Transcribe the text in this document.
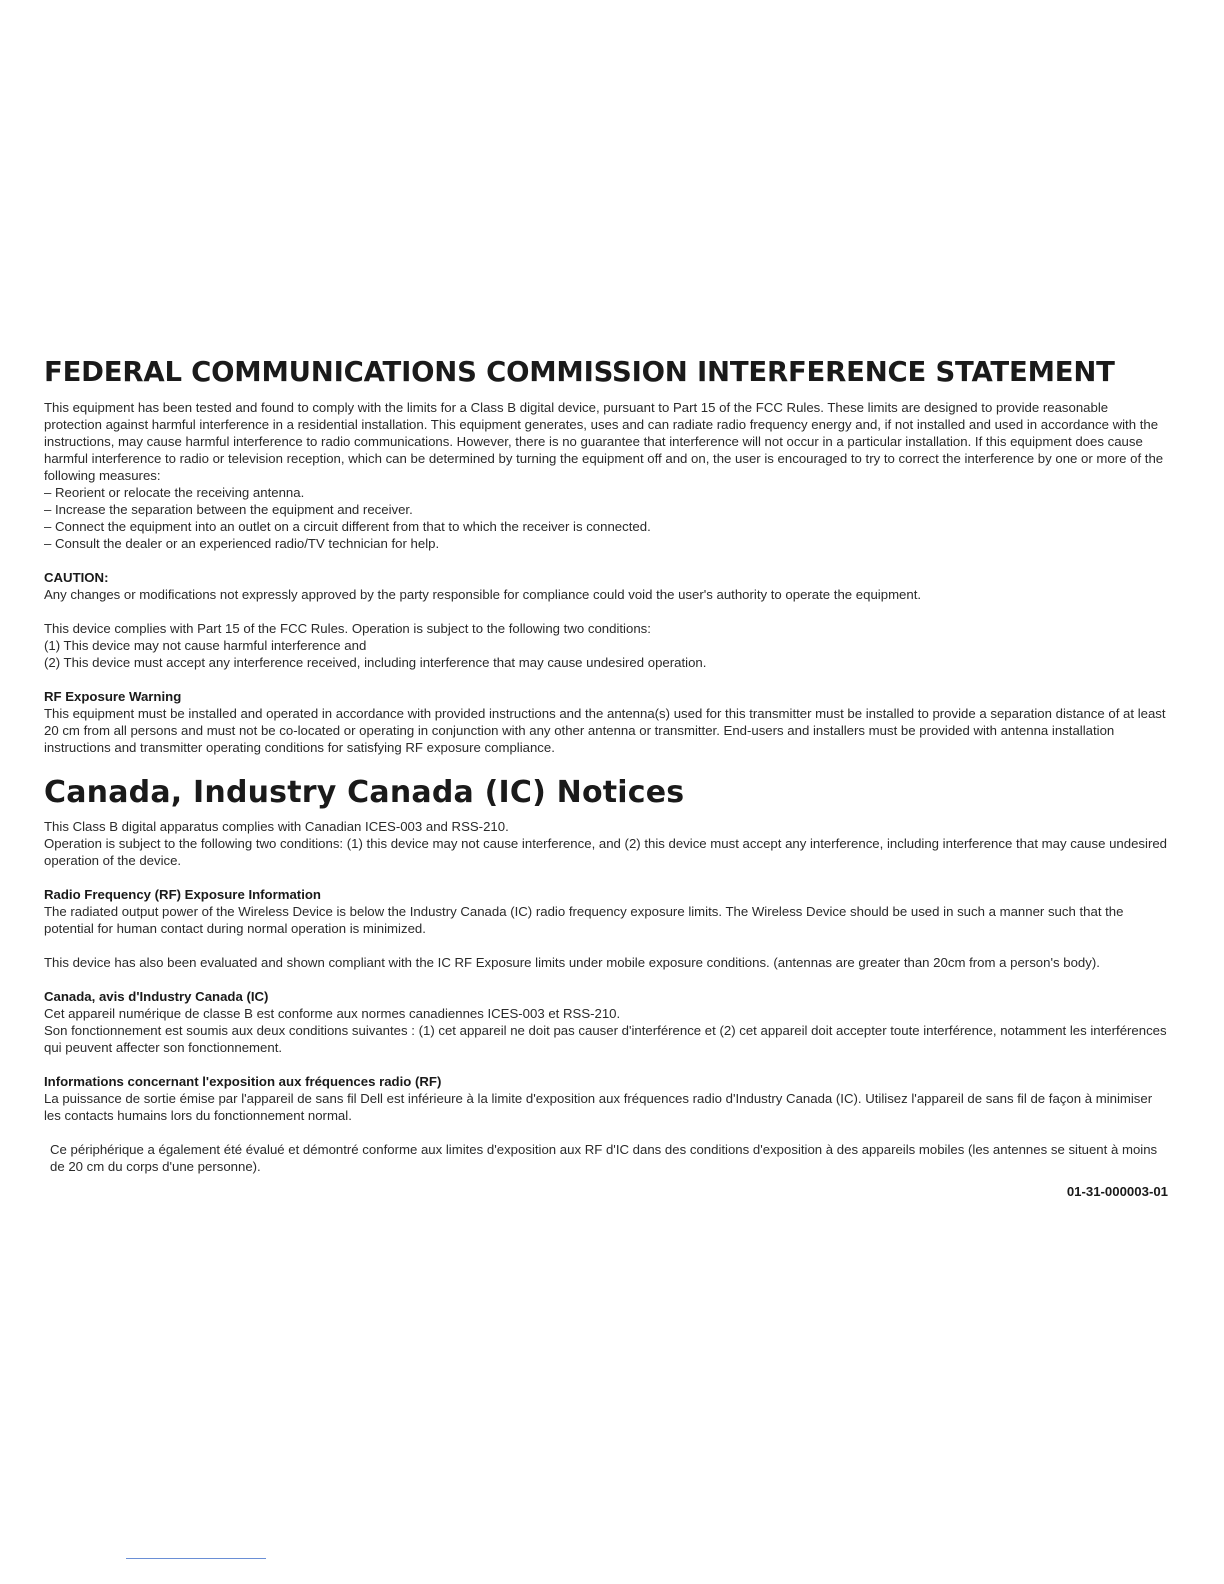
FEDERAL COMMUNICATIONS COMMISSION INTERFERENCE STATEMENT

This equipment has been tested and found to comply with the limits for a Class B digital device, pursuant to Part 15 of the FCC Rules. These limits are designed to provide reasonable protection against harmful interference in a residential installation. This equipment generates, uses and can radiate radio frequency energy and, if not installed and used in accordance with the instructions, may cause harmful interference to radio communications. However, there is no guarantee that interference will not occur in a particular installation. If this equipment does cause harmful interference to radio or television reception, which can be determined by turning the equipment off and on, the user is encouraged to try to correct the interference by one or more of the following measures:

– Reorient or relocate the receiving antenna.

– Increase the separation between the equipment and receiver.

– Connect the equipment into an outlet on a circuit different from that to which the receiver is connected.

– Consult the dealer or an experienced radio/TV technician for help.

CAUTION:

Any changes or modifications not expressly approved by the party responsible for compliance could void the user's authority to operate the equipment.

This device complies with Part 15 of the FCC Rules. Operation is subject to the following two conditions:

(1) This device may not cause harmful interference and

(2) This device must accept any interference received, including interference that may cause undesired operation.

RF Exposure Warning

This equipment must be installed and operated in accordance with provided instructions and the antenna(s) used for this transmitter must be installed to provide a separation distance of at least 20 cm from all persons and must not be co-located or operating in conjunction with any other antenna or transmitter. End-users and installers must be provided with antenna installation instructions and transmitter operating conditions for satisfying RF exposure compliance.

Canada, Industry Canada (IC) Notices

This Class B digital apparatus complies with Canadian ICES-003 and RSS-210.

Operation is subject to the following two conditions: (1) this device may not cause interference, and (2) this device must accept any interference, including interference that may cause undesired operation of the device.

Radio Frequency (RF) Exposure Information

The radiated output power of the Wireless Device is below the Industry Canada (IC) radio frequency exposure limits. The Wireless Device should be used in such a manner such that the potential for human contact during normal operation is minimized.

This device has also been evaluated and shown compliant with the IC RF Exposure limits under mobile exposure conditions. (antennas are greater than 20cm from a person's body).

Canada, avis d'Industry Canada (IC)

Cet appareil numérique de classe B est conforme aux normes canadiennes ICES-003 et RSS-210.

Son fonctionnement est soumis aux deux conditions suivantes : (1) cet appareil ne doit pas causer d'interférence et (2) cet appareil doit accepter toute interférence, notamment les interférences qui peuvent affecter son fonctionnement.

Informations concernant l'exposition aux fréquences radio (RF)

La puissance de sortie émise par l'appareil de sans fil Dell est inférieure à la limite d'exposition aux fréquences radio d'Industry Canada (IC). Utilisez l'appareil de sans fil de façon à minimiser les contacts humains lors du fonctionnement normal.

Ce périphérique a également été évalué et démontré conforme aux limites d'exposition aux RF d'IC dans des conditions d'exposition à des appareils mobiles (les antennes se situent à moins de 20 cm du corps d'une personne).

01-31-000003-01
